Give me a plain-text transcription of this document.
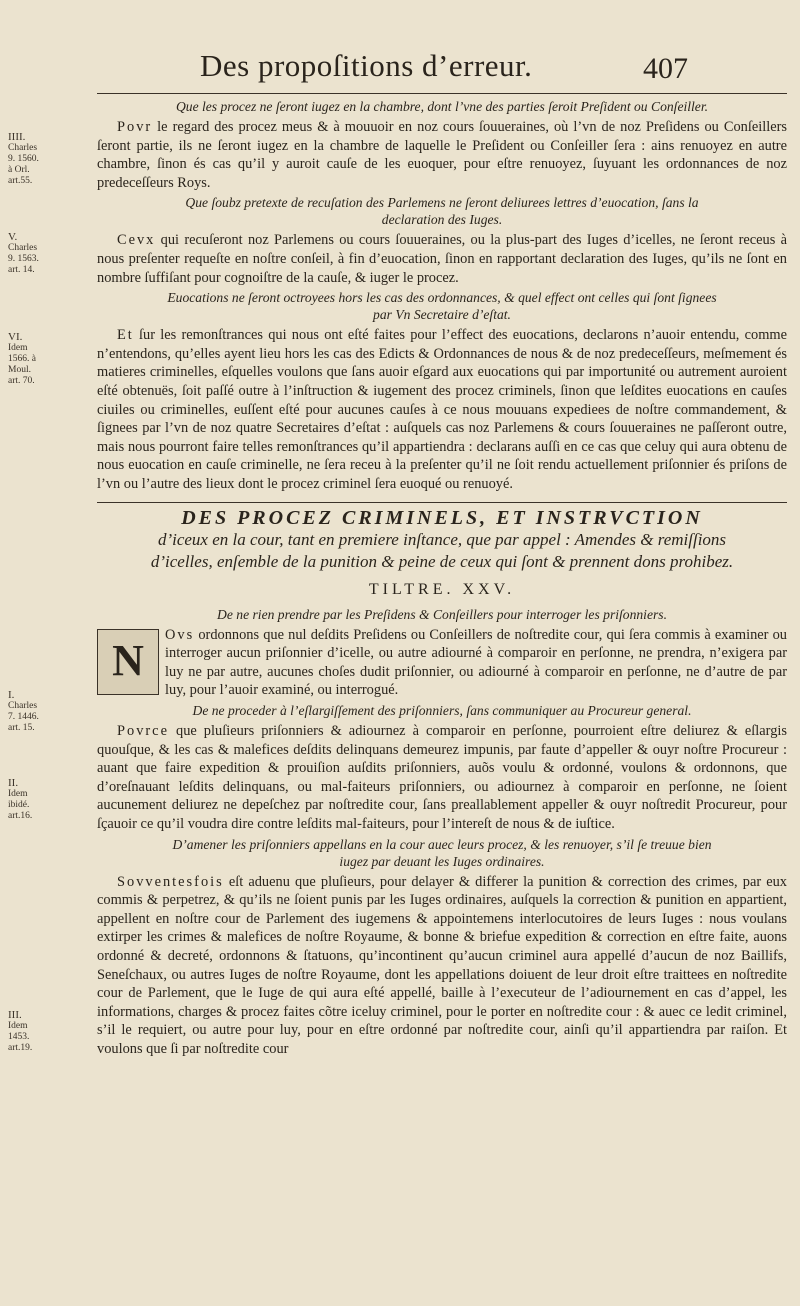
Des propoſitions d’erreur.	407
IIII.
Charles 9. 1560. à Orl. art.55.
V.
Charles 9. 1563. art. 14.
VI.
Idem 1566. à Moul. art. 70.
I.
Charles 7. 1446. art. 15.
II.
Idem ibidé. art.16.
III.
Idem 1453. art.19.
Que les procez ne ſeront iugez en la chambre, dont l’vne des parties ſeroit Preſident ou Conſeiller.

Povr le regard des procez meus & à mouuoir en noz cours ſouueraines, où l’vn de noz Preſidens ou Conſeillers ſeront partie, ils ne ſeront iugez en la chambre de laquelle le Preſident ou Conſeiller ſera : ains renuoyez en autre chambre, ſinon és cas qu’il y auroit cauſe de les euoquer, pour eſtre renuoyez, ſuyuant les ordonnances de noz predeceſſeurs Roys.

Que ſoubz pretexte de recuſation des Parlemens ne ſeront deliurees lettres d’euocation, ſans la declaration des Iuges.

Cevx qui recuſeront noz Parlemens ou cours ſouueraines, ou la plus-part des Iuges d’icelles, ne ſeront receus à nous preſenter requeſte en noſtre conſeil, à fin d’euocation, ſinon en rapportant declaration des Iuges, qu’ils ne ſont en nombre ſuffiſant pour cognoiſtre de la cauſe, & iuger le procez.

Euocations ne ſeront octroyees hors les cas des ordonnances, & quel effect ont celles qui ſont ſignees par Vn Secretaire d’eſtat.

Et ſur les remonſtrances qui nous ont eſté faites pour l’effect des euocations, declarons n’auoir entendu, comme n’entendons, qu’elles ayent lieu hors les cas des Edicts & Ordonnances de nous & de noz predeceſſeurs, meſmement és matieres criminelles, eſquelles voulons que ſans auoir eſgard aux euocations qui par importunité ou autrement auroient eſté obtenuës, ſoit paſſé outre à l’inſtruction & iugement des procez criminels, ſinon que leſdites euocations en cauſes ciuiles ou criminelles, euſſent eſté pour aucunes cauſes à ce nous mouuans expediees de noſtre commandement, & ſignees par l’vn de noz quatre Secretaires d’eſtat : auſquels cas noz Parlemens & cours ſouueraines ne paſſeront outre, mais nous pourront faire telles remonſtrances qu’il appartiendra : declarans auſſi en ce cas que celuy qui aura obtenu de nous euocation en cauſe criminelle, ne ſera receu à la preſenter qu’il ne ſoit rendu actuellement priſonnier és priſons de l’vn ou l’autre des lieux dont le procez criminel ſera euoqué ou renuoyé.

DES PROCEZ CRIMINELS, ET INSTRVCTION
d’iceux en la cour, tant en premiere inſtance, que par appel : Amendes & remiſſions d’icelles, enſemble de la punition & peine de ceux qui ſont & prennent dons prohibez.
TILTRE. XXV.
De ne rien prendre par les Preſidens & Conſeillers pour interroger les priſonniers.

N
Ovs ordonnons que nul deſdits Preſidens ou Conſeillers de noſtredite cour, qui ſera commis à examiner ou interroger aucun priſonnier d’icelle, ou autre adiourné à comparoir en perſonne, ne prendra, n’exigera par luy ne par autre, aucunes choſes dudit priſonnier, ou adiourné à comparoir en perſonne, ne d’autre de par luy, pour l’auoir examiné, ou interrogué.

De ne proceder à l’eſlargiſſement des priſonniers, ſans communiquer au Procureur general.

Povrce que pluſieurs priſonniers & adiournez à comparoir en perſonne, pourroient eſtre deliurez & eſlargis quouſque, & les cas & malefices deſdits delinquans demeurez impunis, par faute d’appeller & ouyr noſtre Procureur : auant que faire expedition & prouiſion auſdits priſonniers, auõs voulu & ordonné, voulons & ordonnons, que d’oreſnauant leſdits delinquans, ou mal-faiteurs priſonniers, ou adiournez à comparoir en perſonne, ne ſoient aucunement deliurez ne depeſchez par noſtredite cour, ſans preallablement appeller & ouyr noſtredit Procureur, pour ſçauoir ce qu’il voudra dire contre leſdits mal-faiteurs, pour l’intereſt de nous & de iuſtice.

D’amener les priſonniers appellans en la cour auec leurs procez, & les renuoyer, s’il ſe treuue bien iugez par deuant les Iuges ordinaires.

Sovventesfois eſt aduenu que pluſieurs, pour delayer & differer la punition & correction des crimes, par eux commis & perpetrez, & qu’ils ne ſoient punis par les Iuges ordinaires, auſquels la correction & punition en appartient, appellent en noſtre cour de Parlement des iugemens & appointemens interlocutoires de leurs Iuges : nous voulans extirper les crimes & malefices de noſtre Royaume, & bonne & briefue expedition & correction en eſtre faite, auons ordonné & decreté, ordonnons & ſtatuons, qu’incontinent qu’aucun criminel aura appellé d’aucun de noz Baillifs, Seneſchaux, ou autres Iuges de noſtre Royaume, dont les appellations doiuent de leur droit eſtre traittees en noſtredite cour de Parlement, que le Iuge de qui aura eſté appellé, baille à l’executeur de l’adiournement en cas d’appel, les informations, charges & procez faites cõtre iceluy criminel, pour le porter en noſtredite cour : & auec ce ledit criminel, s’il le requiert, ou autre pour luy, pour en eſtre ordonné par noſtredite cour, ainſi qu’il appartiendra par raiſon. Et voulons que ſi par noſtredite cour
